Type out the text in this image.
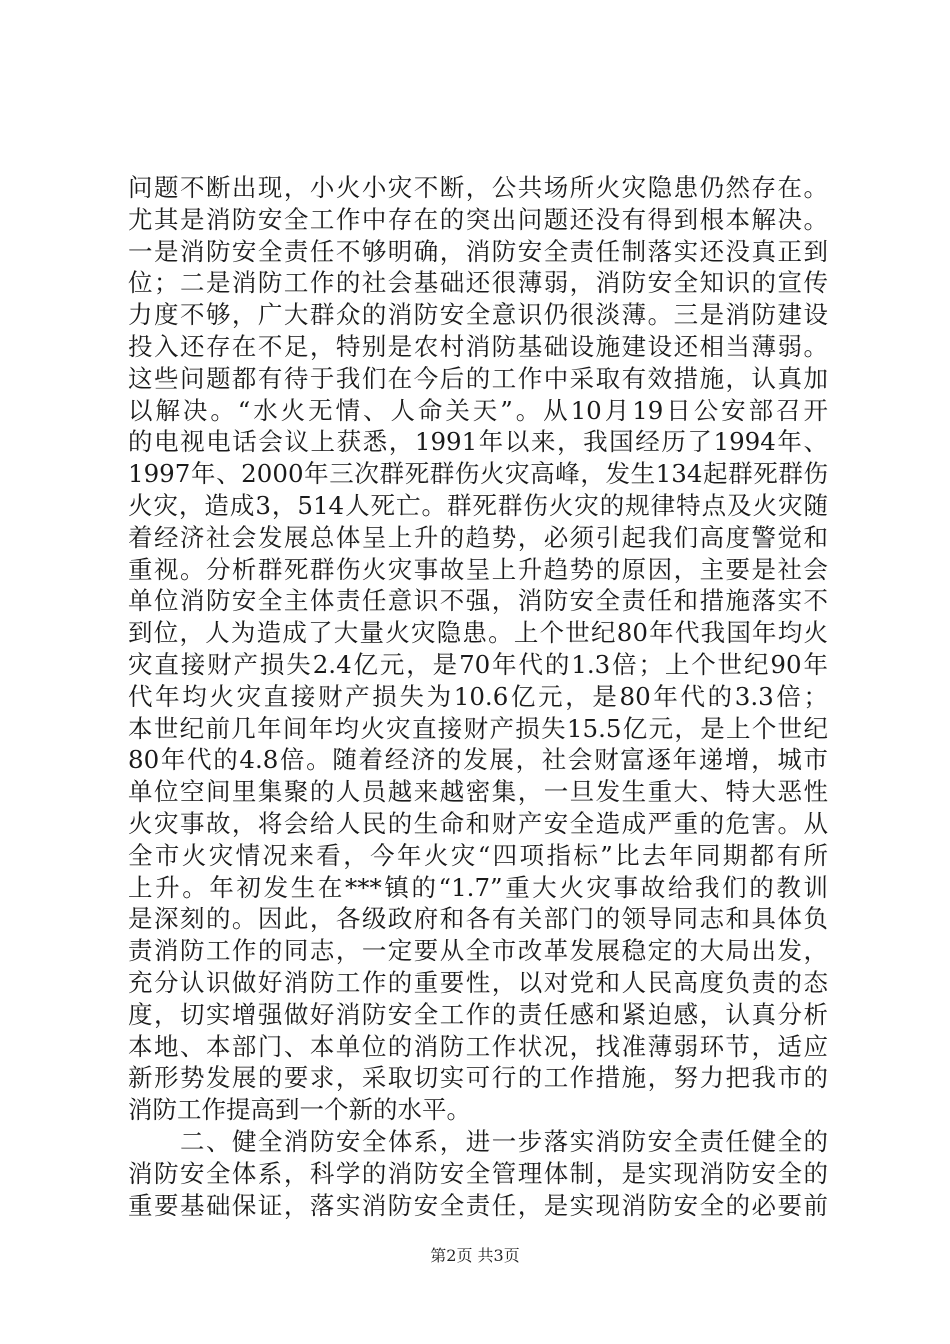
问题不断出现，小火小灾不断，公共场所火灾隐患仍然存在。
尤其是消防安全工作中存在的突出问题还没有得到根本解决。
一是消防安全责任不够明确，消防安全责任制落实还没真正到
位；二是消防工作的社会基础还很薄弱，消防安全知识的宣传
力度不够，广大群众的消防安全意识仍很淡薄。三是消防建设
投入还存在不足，特别是农村消防基础设施建设还相当薄弱。
这些问题都有待于我们在今后的工作中采取有效措施，认真加
以解决。“水火无情、人命关天”。从10月19日公安部召开
的电视电话会议上获悉，1991年以来，我国经历了1994年、
1997年、2000年三次群死群伤火灾高峰，发生134起群死群伤
火灾，造成3，514人死亡。群死群伤火灾的规律特点及火灾随
着经济社会发展总体呈上升的趋势，必须引起我们高度警觉和
重视。分析群死群伤火灾事故呈上升趋势的原因，主要是社会
单位消防安全主体责任意识不强，消防安全责任和措施落实不
到位，人为造成了大量火灾隐患。上个世纪80年代我国年均火
灾直接财产损失2.4亿元，是70年代的1.3倍；上个世纪90年
代年均火灾直接财产损失为10.6亿元，是80年代的3.3倍；
本世纪前几年间年均火灾直接财产损失15.5亿元，是上个世纪
80年代的4.8倍。随着经济的发展，社会财富逐年递增，城市
单位空间里集聚的人员越来越密集，一旦发生重大、特大恶性
火灾事故，将会给人民的生命和财产安全造成严重的危害。从
全市火灾情况来看，今年火灾“四项指标”比去年同期都有所
上升。年初发生在***镇的“1.7”重大火灾事故给我们的教训
是深刻的。因此，各级政府和各有关部门的领导同志和具体负
责消防工作的同志，一定要从全市改革发展稳定的大局出发，
充分认识做好消防工作的重要性，以对党和人民高度负责的态
度，切实增强做好消防安全工作的责任感和紧迫感，认真分析
本地、本部门、本单位的消防工作状况，找准薄弱环节，适应
新形势发展的要求，采取切实可行的工作措施，努力把我市的
消防工作提高到一个新的水平。
二、健全消防安全体系，进一步落实消防安全责任健全的
消防安全体系，科学的消防安全管理体制，是实现消防安全的
重要基础保证，落实消防安全责任，是实现消防安全的必要前
第2页 共3页
